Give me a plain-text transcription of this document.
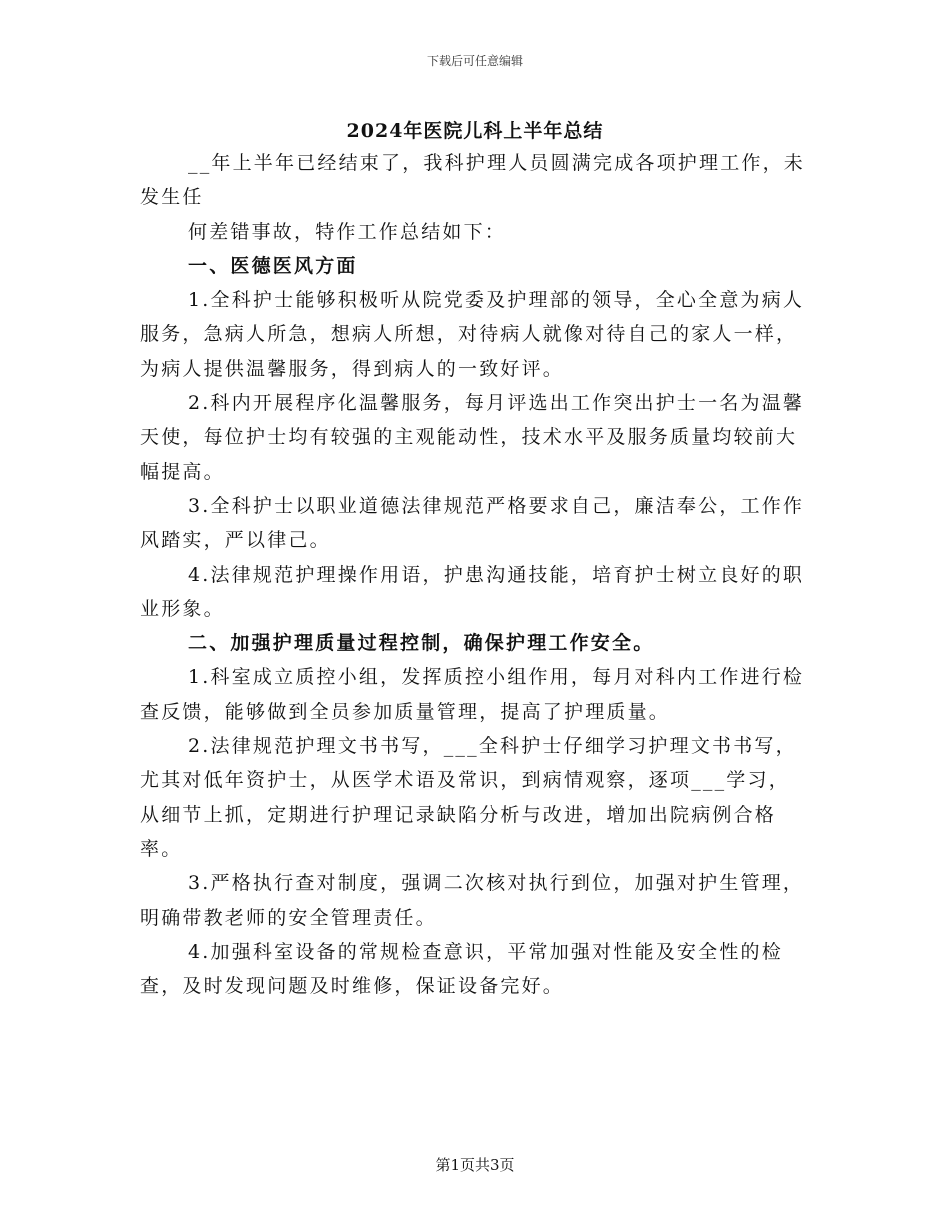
下载后可任意编辑
2024年医院儿科上半年总结

__年上半年已经结束了，我科护理人员圆满完成各项护理工作，未发生任

何差错事故，特作工作总结如下：

一、医德医风方面

1.全科护士能够积极听从院党委及护理部的领导，全心全意为病人服务，急病人所急，想病人所想，对待病人就像对待自己的家人一样，为病人提供温馨服务，得到病人的一致好评。

2.科内开展程序化温馨服务，每月评选出工作突出护士一名为温馨天使，每位护士均有较强的主观能动性，技术水平及服务质量均较前大幅提高。

3.全科护士以职业道德法律规范严格要求自己，廉洁奉公，工作作风踏实，严以律己。

4.法律规范护理操作用语，护患沟通技能，培育护士树立良好的职业形象。

二、加强护理质量过程控制，确保护理工作安全。

1.科室成立质控小组，发挥质控小组作用，每月对科内工作进行检查反馈，能够做到全员参加质量管理，提高了护理质量。

2.法律规范护理文书书写，___全科护士仔细学习护理文书书写，尤其对低年资护士，从医学术语及常识，到病情观察，逐项___学习，从细节上抓，定期进行护理记录缺陷分析与改进，增加出院病例合格率。

3.严格执行查对制度，强调二次核对执行到位，加强对护生管理，明确带教老师的安全管理责任。

4.加强科室设备的常规检查意识，平常加强对性能及安全性的检查，及时发现问题及时维修，保证设备完好。

第1页共3页
